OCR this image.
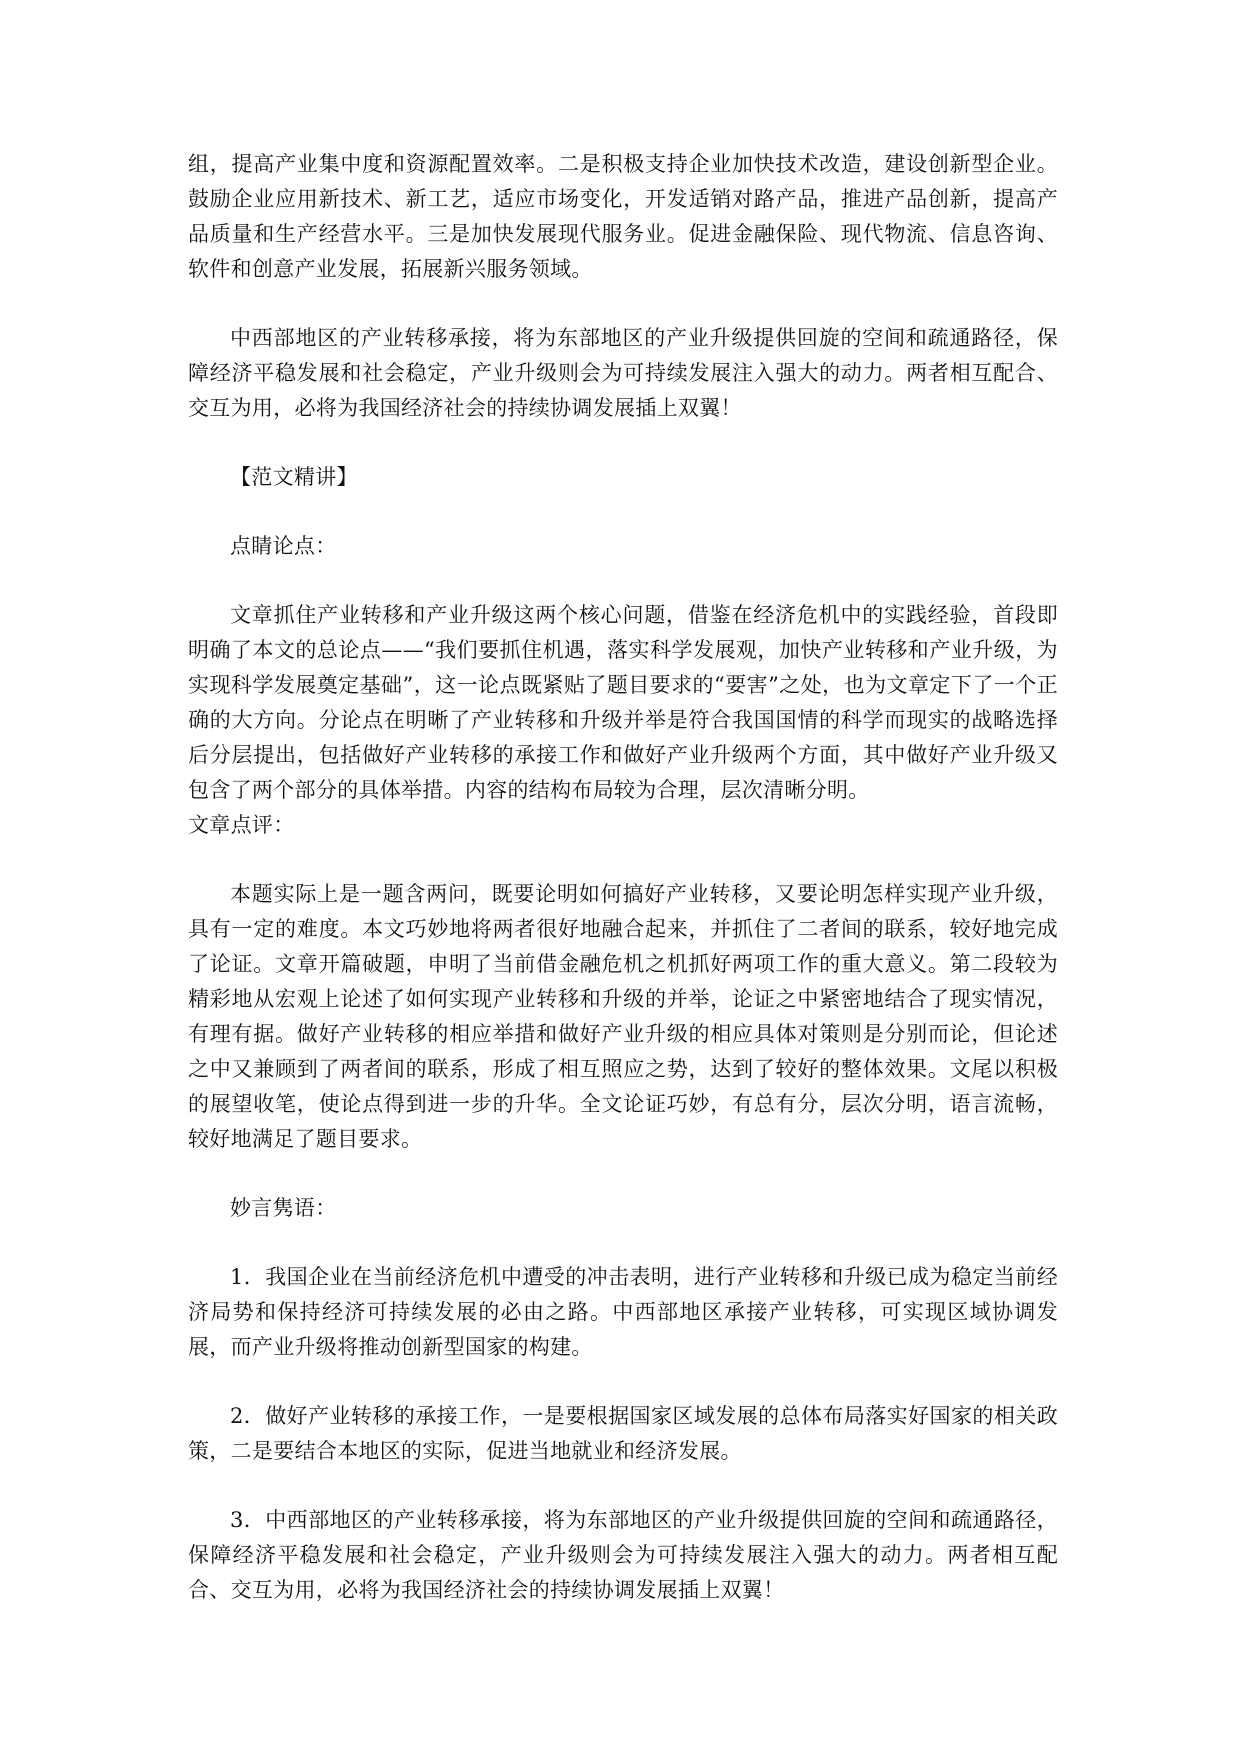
组，提高产业集中度和资源配置效率。二是积极支持企业加快技术改造，建设创新型企业。鼓励企业应用新技术、新工艺，适应市场变化，开发适销对路产品，推进产品创新，提高产品质量和生产经营水平。三是加快发展现代服务业。促进金融保险、现代物流、信息咨询、软件和创意产业发展，拓展新兴服务领域。

中西部地区的产业转移承接，将为东部地区的产业升级提供回旋的空间和疏通路径，保障经济平稳发展和社会稳定，产业升级则会为可持续发展注入强大的动力。两者相互配合、交互为用，必将为我国经济社会的持续协调发展插上双翼！

【范文精讲】

点睛论点：

文章抓住产业转移和产业升级这两个核心问题，借鉴在经济危机中的实践经验，首段即明确了本文的总论点——“我们要抓住机遇，落实科学发展观，加快产业转移和产业升级，为实现科学发展奠定基础”，这一论点既紧贴了题目要求的“要害”之处，也为文章定下了一个正确的大方向。分论点在明晰了产业转移和升级并举是符合我国国情的科学而现实的战略选择后分层提出，包括做好产业转移的承接工作和做好产业升级两个方面，其中做好产业升级又包含了两个部分的具体举措。内容的结构布局较为合理，层次清晰分明。

文章点评：

本题实际上是一题含两问，既要论明如何搞好产业转移，又要论明怎样实现产业升级，具有一定的难度。本文巧妙地将两者很好地融合起来，并抓住了二者间的联系，较好地完成了论证。文章开篇破题，申明了当前借金融危机之机抓好两项工作的重大意义。第二段较为精彩地从宏观上论述了如何实现产业转移和升级的并举，论证之中紧密地结合了现实情况，有理有据。做好产业转移的相应举措和做好产业升级的相应具体对策则是分别而论，但论述之中又兼顾到了两者间的联系，形成了相互照应之势，达到了较好的整体效果。文尾以积极的展望收笔，使论点得到进一步的升华。全文论证巧妙，有总有分，层次分明，语言流畅，较好地满足了题目要求。

妙言隽语：

1．我国企业在当前经济危机中遭受的冲击表明，进行产业转移和升级已成为稳定当前经济局势和保持经济可持续发展的必由之路。中西部地区承接产业转移，可实现区域协调发展，而产业升级将推动创新型国家的构建。

2．做好产业转移的承接工作，一是要根据国家区域发展的总体布局落实好国家的相关政策，二是要结合本地区的实际，促进当地就业和经济发展。

3．中西部地区的产业转移承接，将为东部地区的产业升级提供回旋的空间和疏通路径，保障经济平稳发展和社会稳定，产业升级则会为可持续发展注入强大的动力。两者相互配合、交互为用，必将为我国经济社会的持续协调发展插上双翼！
